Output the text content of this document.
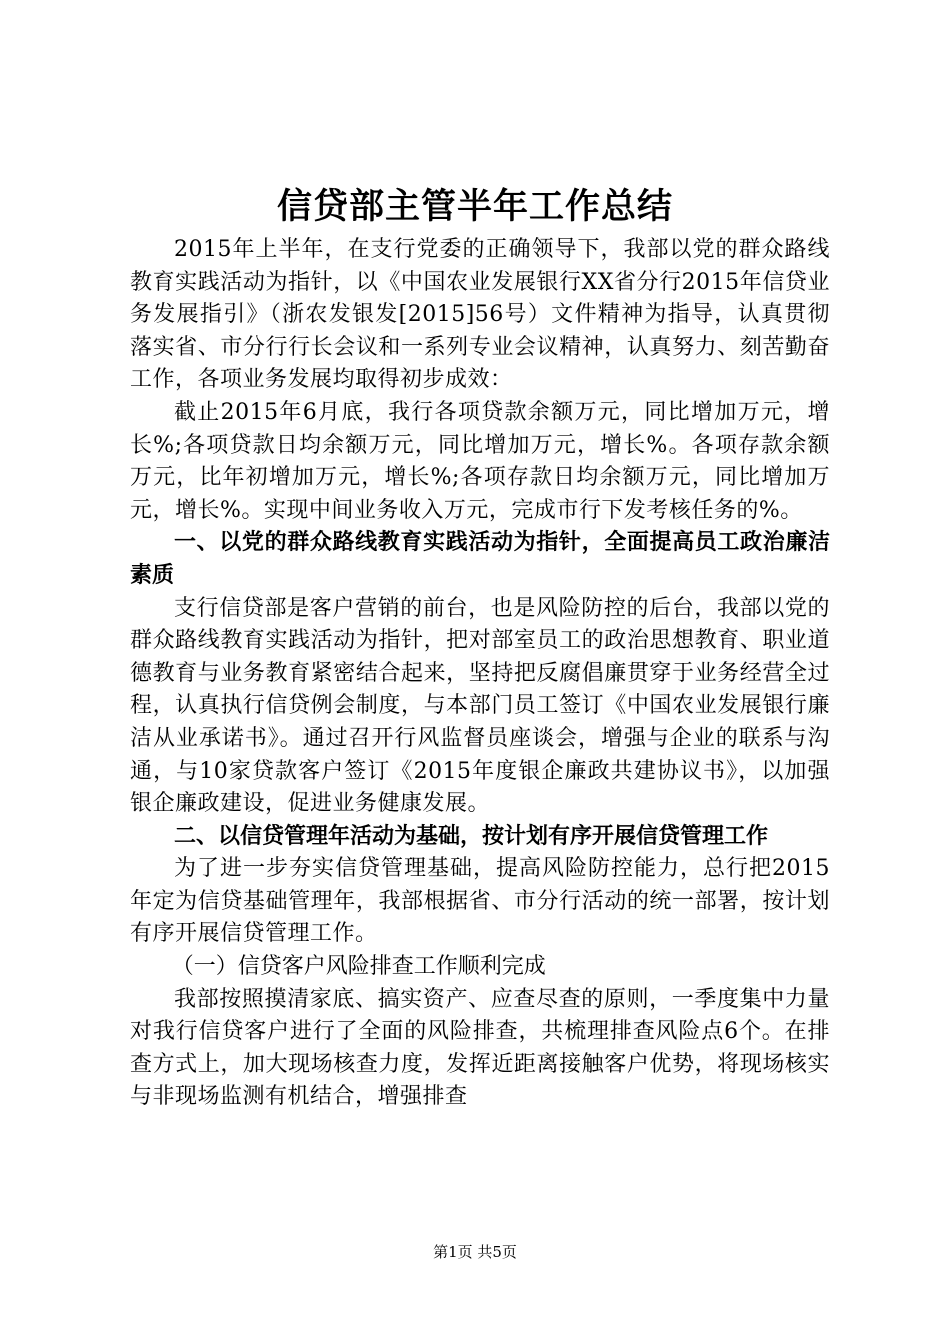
信贷部主管半年工作总结

2015年上半年，在支行党委的正确领导下，我部以党的群众路线教育实践活动为指针，以《中国农业发展银行XX省分行2015年信贷业务发展指引》（浙农发银发[2015]56号）文件精神为指导，认真贯彻落实省、市分行行长会议和一系列专业会议精神，认真努力、刻苦勤奋工作，各项业务发展均取得初步成效：

截止2015年6月底，我行各项贷款余额万元，同比增加万元，增长%;各项贷款日均余额万元，同比增加万元，增长%。各项存款余额万元，比年初增加万元，增长%;各项存款日均余额万元，同比增加万元，增长%。实现中间业务收入万元，完成市行下发考核任务的%。

一、以党的群众路线教育实践活动为指针，全面提高员工政治廉洁素质

支行信贷部是客户营销的前台，也是风险防控的后台，我部以党的群众路线教育实践活动为指针，把对部室员工的政治思想教育、职业道德教育与业务教育紧密结合起来，坚持把反腐倡廉贯穿于业务经营全过程，认真执行信贷例会制度，与本部门员工签订《中国农业发展银行廉洁从业承诺书》。通过召开行风监督员座谈会，增强与企业的联系与沟通，与10家贷款客户签订《2015年度银企廉政共建协议书》，以加强银企廉政建设，促进业务健康发展。

二、以信贷管理年活动为基础，按计划有序开展信贷管理工作

为了进一步夯实信贷管理基础，提高风险防控能力，总行把2015年定为信贷基础管理年，我部根据省、市分行活动的统一部署，按计划有序开展信贷管理工作。

（一）信贷客户风险排查工作顺利完成

我部按照摸清家底、搞实资产、应查尽查的原则，一季度集中力量对我行信贷客户进行了全面的风险排查，共梳理排查风险点6个。在排查方式上，加大现场核查力度，发挥近距离接触客户优势，将现场核实与非现场监测有机结合，增强排查

第1页 共5页
